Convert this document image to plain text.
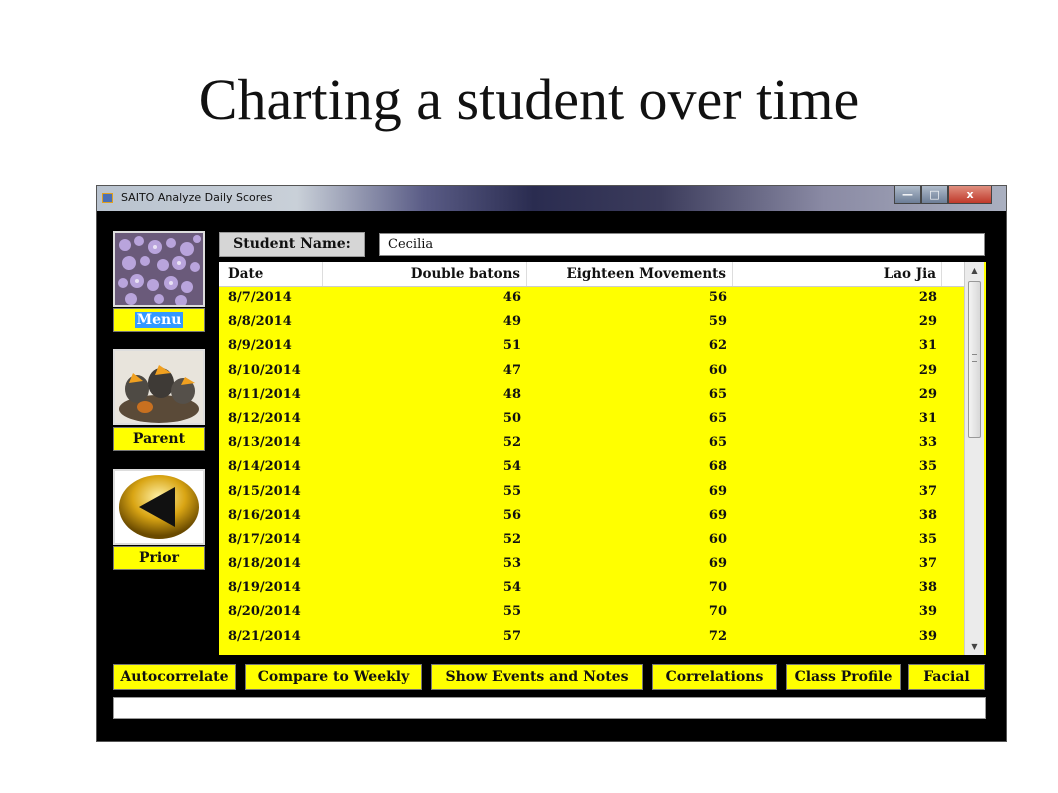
Charting a student over time
SAITO Analyze Daily Scores	—	□	x
Menu
Parent
Prior
Student Name:	Cecilia
Date	Double batons	Eighteen Movements	Lao Jia
8/7/2014	46	56	28
8/8/2014	49	59	29
8/9/2014	51	62	31
8/10/2014	47	60	29
8/11/2014	48	65	29
8/12/2014	50	65	31
8/13/2014	52	65	33
8/14/2014	54	68	35
8/15/2014	55	69	37
8/16/2014	56	69	38
8/17/2014	52	60	35
8/18/2014	53	69	37
8/19/2014	54	70	38
8/20/2014	55	70	39
8/21/2014	57	72	39
▲
▼
Autocorrelate	Compare to Weekly	Show Events and Notes	Correlations	Class Profile	Facial
